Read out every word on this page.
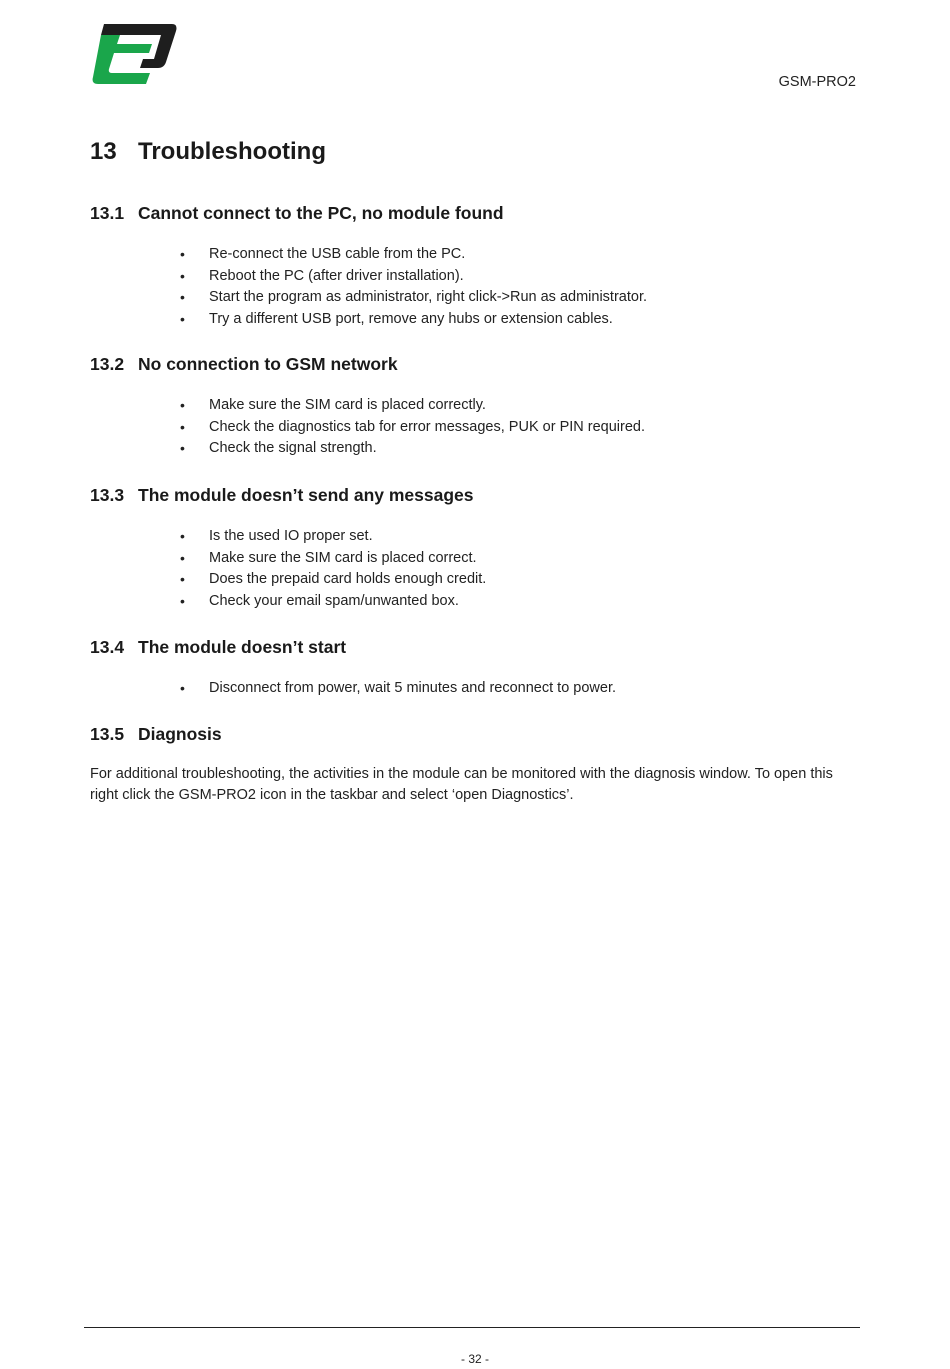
GSM-PRO2
13 Troubleshooting
13.1 Cannot connect to the PC, no module found
• Re-connect the USB cable from the PC.
• Reboot the PC (after driver installation).
• Start the program as administrator, right click->Run as administrator.
• Try a different USB port, remove any hubs or extension cables.
13.2 No connection to GSM network
• Make sure the SIM card is placed correctly.
• Check the diagnostics tab for error messages, PUK or PIN required.
• Check the signal strength.
13.3 The module doesn’t send any messages
• Is the used IO proper set.
• Make sure the SIM card is placed correct.
• Does the prepaid card holds enough credit.
• Check your email spam/unwanted box.
13.4 The module doesn’t start
• Disconnect from power, wait 5 minutes and reconnect to power.
13.5 Diagnosis

For additional troubleshooting, the activities in the module can be monitored with the diagnosis window. To open this right click the GSM-PRO2 icon in the taskbar and select ‘open Diagnostics’.

- 32 -
